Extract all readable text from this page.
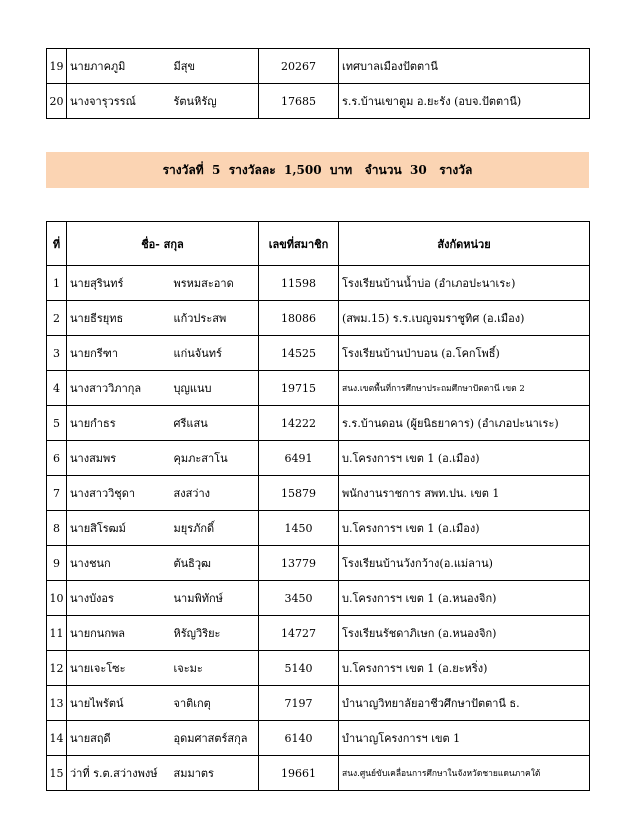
19	นายภาคภูมิ	มีสุข	20267	เทศบาลเมืองปัตตานี
20	นางจารุวรรณ์	รัตนหิรัญ	17685	ร.ร.บ้านเขาตูม อ.ยะรัง (อบจ.ปัตตานี)
รางวัลที่  5  รางวัลละ  1,500  บาท   จำนวน  30   รางวัล
ที่	ชื่อ- สกุล		เลขที่สมาชิก	สังกัดหน่วย
1	นายสุรินทร์	พรหมสะอาด	11598	โรงเรียนบ้านน้ำบ่อ (อำเภอปะนาเระ)
2	นายธีรยุทธ	แก้วประสพ	18086	(สพม.15) ร.ร.เบญจมราชูทิศ (อ.เมือง)
3	นายกรีฑา	แก่นจันทร์	14525	โรงเรียนบ้านป่าบอน (อ.โคกโพธิ์)
4	นางสาววิภากุล	บุญแนบ	19715	สนง.เขตพื้นที่การศึกษาประถมศึกษาปัตตานี เขต 2
5	นายกำธร	ศรีแสน	14222	ร.ร.บ้านดอน (ผู้ยนิธยาคาร) (อำเภอปะนาเระ)
6	นางสมพร	คุมภะสาโน	6491	บ.โครงการฯ เขต 1 (อ.เมือง)
7	นางสาววิชุดา	สงสว่าง	15879	พนักงานราชการ สพท.ปน. เขต 1
8	นายสิโรฒม์	มยุรภักดิ์	1450	บ.โครงการฯ เขต 1 (อ.เมือง)
9	นางชนก	ตันธิวุฒ	13779	โรงเรียนบ้านวังกว้าง(อ.แม่ลาน)
10	นางบังอร	นามพิทักษ์	3450	บ.โครงการฯ เขต 1 (อ.หนองจิก)
11	นายกนกพล	หิรัญวิริยะ	14727	โรงเรียนรัชดาภิเษก (อ.หนองจิก)
12	นายเจะโซะ	เจะมะ	5140	บ.โครงการฯ เขต 1 (อ.ยะหริ่ง)
13	นายไพรัตน์	จาติเกตุ	7197	บำนาญวิทยาลัยอาชีวศึกษาปัตตานี ธ.
14	นายสฤดี	อุดมศาสตร์สกุล	6140	บำนาญโครงการฯ เขต 1
15	ว่าที่ ร.ต.สว่างพงษ์	สมมาตร	19661	สนง.ศูนย์ขับเคลื่อนการศึกษาในจังหวัดชายแดนภาคใต้
